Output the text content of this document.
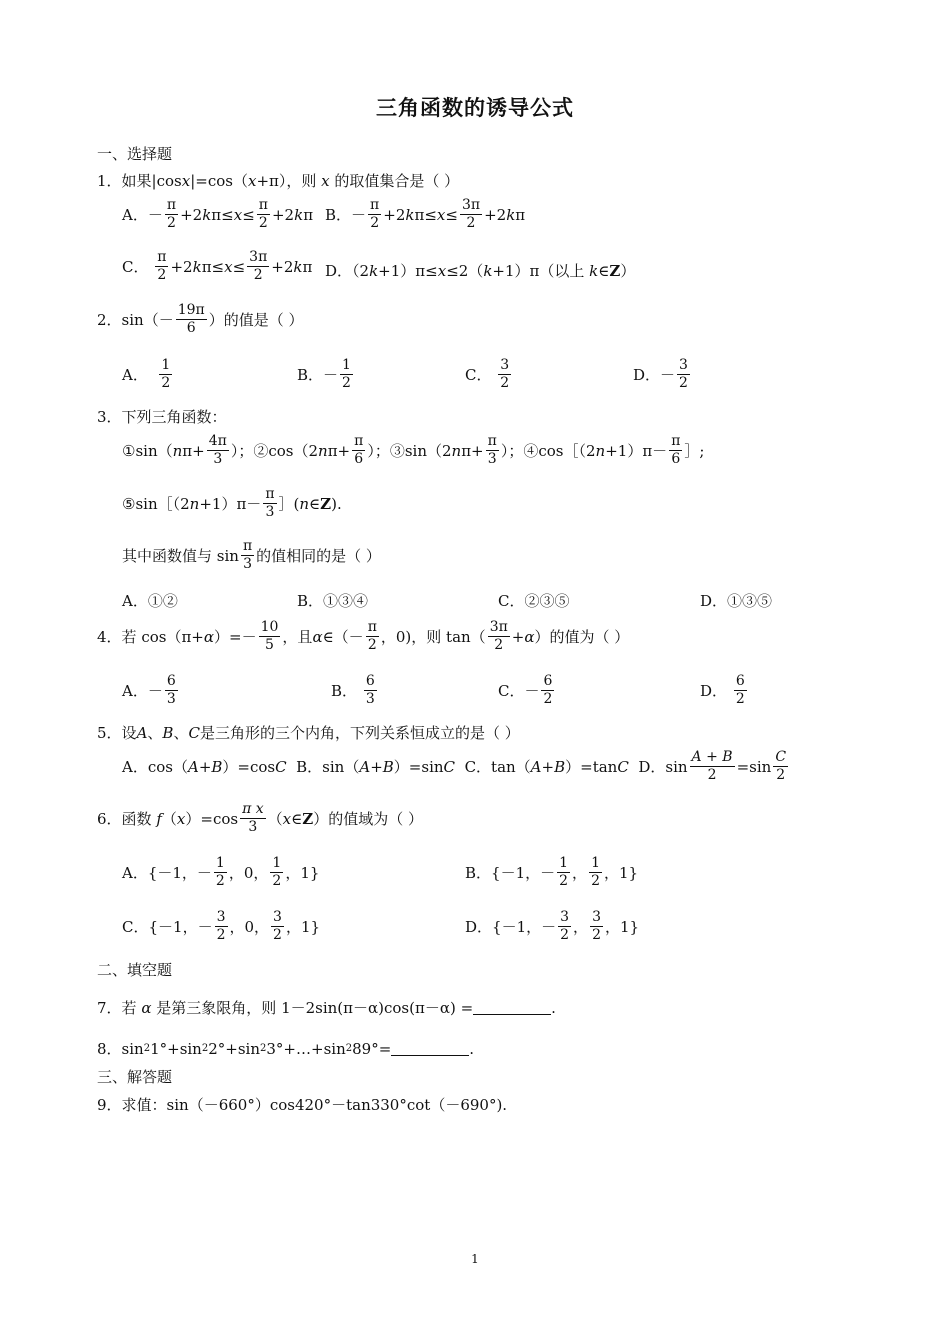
三角函数的诱导公式
一、选择题
1． 如果|cos x |=cos（ x +π），则
x
的取值集合是（ ）
A． － $\frac{\pi}{2} +2$ k $\pi\le x \le \frac{\pi}{2} +2$ k π B． － $\frac{\pi}{2} +2$ k $\pi\le x \le \frac{3\pi}{2} +2$ k π
C．
$\frac{\pi}{2} +2$ k $\pi\le x \le \frac{3\pi}{2} +2$ k π D．（2 k +1）π≤ x ≤2（ k +1）π（以上
k ∈ Z ）
2． $\sin(- \frac{19\pi}{6}$ ）的值是（ ）
A．
$\frac{1}{2}$	B．－ $\frac{1}{2}$	C．
$\frac{3}{2}$	D．－ $\frac{3}{2}$
3． 下列三角函数：
①sin（ n $\pi+ \frac{4\pi}{3}$ ）；②cos（2 n $\pi+ \frac{\pi}{6}$ ）；③sin（2 n $\pi+ \frac{\pi}{3}$ ）；④cos［（2 $n +1)\pi- \frac{\pi}{6}$ ］;
⑤sin［（2 $n +1)\pi- \frac{\pi}{3}$ ］( n ∈ Z ).
其中函数值与 $\sin \frac{\pi}{3}$ 的值相同的是（ ）
A．①②	B．①③④	C．②③⑤	D．①③⑤
4． 若 cos（π+ α ）=－ $\frac{10}{5}$ ，且 α ∈（－ $\frac{\pi}{2}$ ，0)，则 $\tan( \frac{3\pi}{2} + \alpha$ ）的值为（ ）
A．－ $\frac{6}{3}$	B．
$\frac{6}{3}$	C．－ $\frac{6}{2}$	D．
$\frac{6}{2}$
5． 设 A 、 B 、 C 是三角形的三个内角，下列关系恒成立的是（ ）
A．cos（ A + B ）=cos C
B．sin（ A + B ）=sin C
C．tan（ A + B ）=tan C
D．$\sin \frac{A + B}{2} =\sin \frac{C}{2}$
6． 函数
f （ x ）$=\cos \frac{\text{π x}}{3}$ （ x ∈ Z ）的值域为（ ）
A．{－1，－ $\frac{1}{2}$ ，0， $\frac{1}{2}$ ，1}	B．{－1，－ $\frac{1}{2}$ ， $\frac{1}{2}$ ，1}
C．{－1，－ $\frac{3}{2}$ ，0， $\frac{3}{2}$ ，1}	D．{－1，－ $\frac{3}{2}$ ， $\frac{3}{2}$ ，1}
二、填空题
7． 若
α
是第三象限角，则
1－2sin(π－α)cos(π－α) =	.
8． sin 2 1°+sin 2 2°+sin 2 3°+…+sin 2 89°=	.
三、解答题
9． 求值：sin（－660°）cos420°－tan330°cot（－690°).
1
